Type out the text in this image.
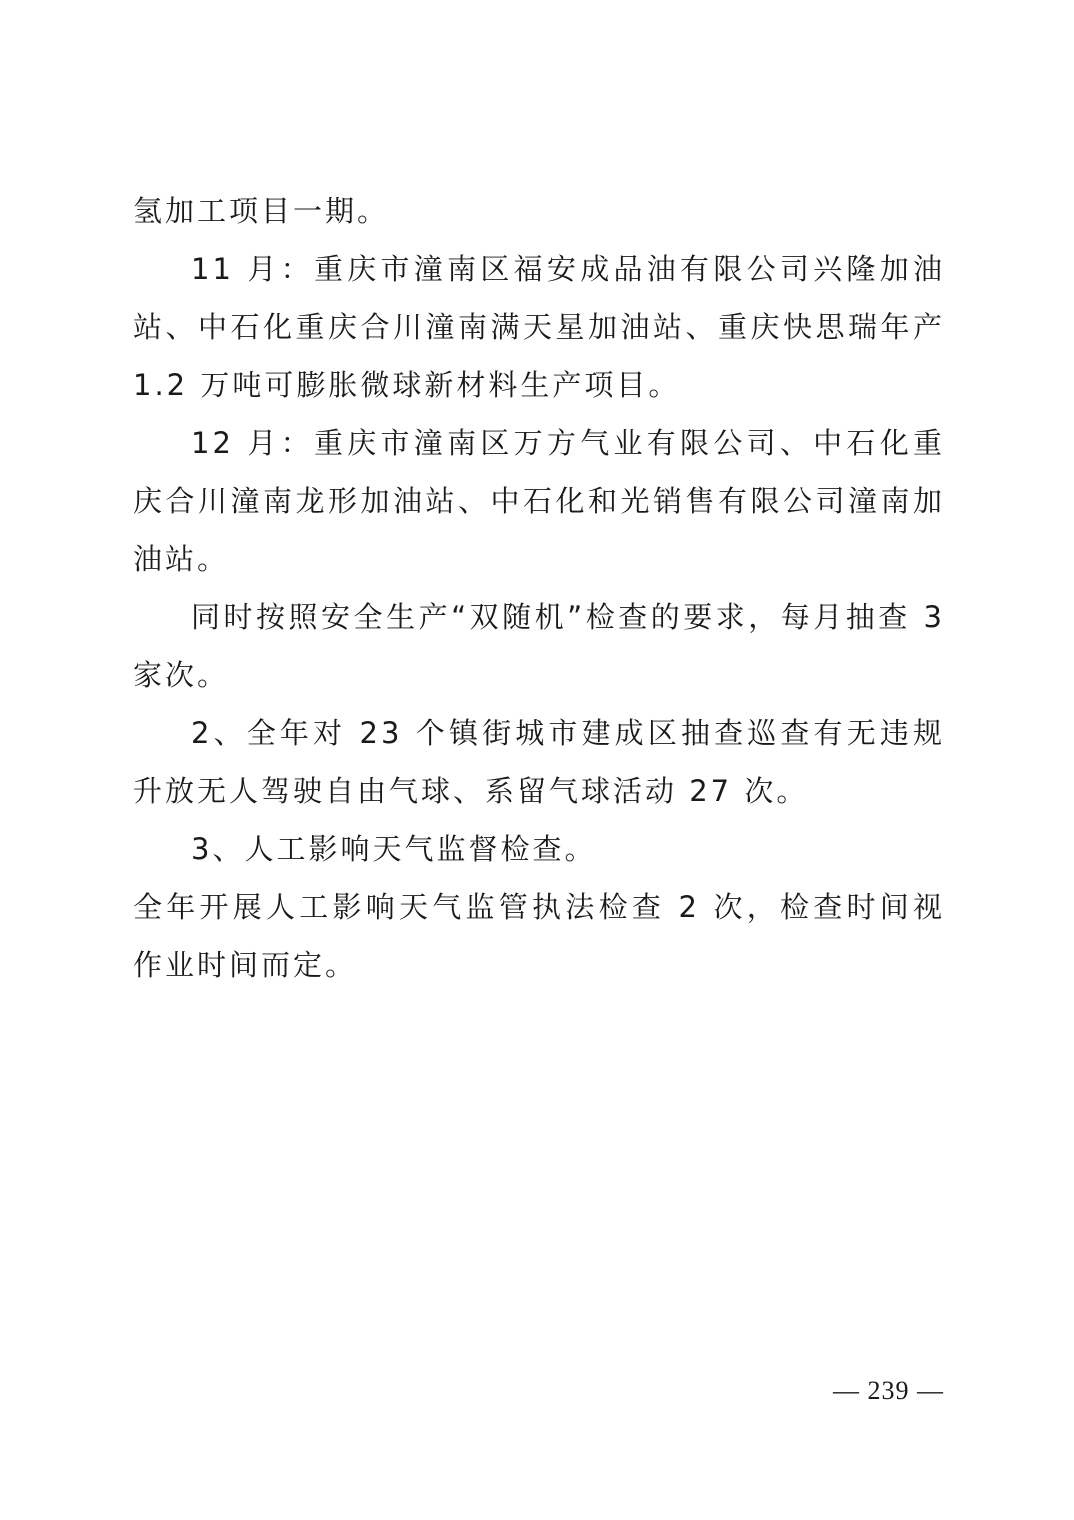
氢加工项目一期。

11 月：重庆市潼南区福安成品油有限公司兴隆加油站、中石化重庆合川潼南满天星加油站、重庆快思瑞年产 1.2 万吨可膨胀微球新材料生产项目。

12 月：重庆市潼南区万方气业有限公司、中石化重庆合川潼南龙形加油站、中石化和光销售有限公司潼南加油站。

同时按照安全生产“双随机”检查的要求，每月抽查 3 家次。

2、全年对 23 个镇街城市建成区抽查巡查有无违规升放无人驾驶自由气球、系留气球活动 27 次。

3、人工影响天气监督检查。

全年开展人工影响天气监管执法检查 2 次，检查时间视作业时间而定。

— 239 —
